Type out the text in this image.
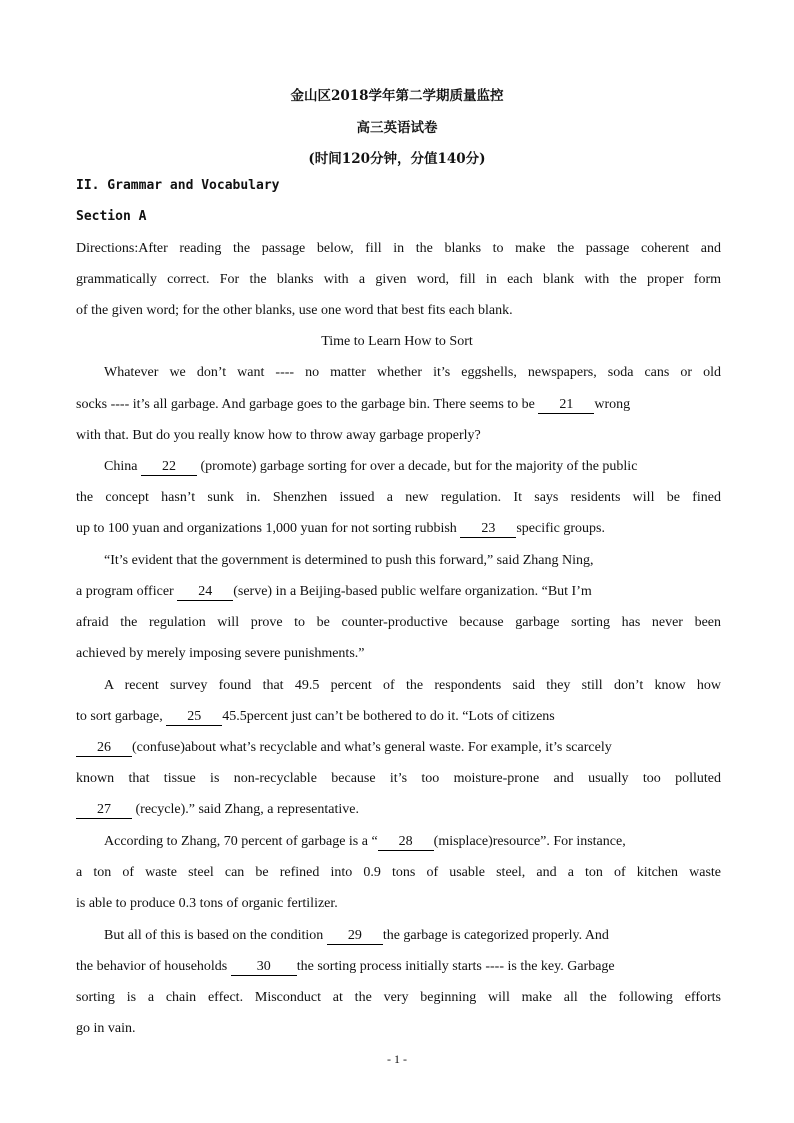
金山区2018学年第二学期质量监控
高三英语试卷
(时间120分钟，分值140分)
II. Grammar and Vocabulary
Section A
Directions:After reading the passage below, fill in the blanks to make the passage coherent and
grammatically correct. For the blanks with a given word, fill in each blank with the proper form
of the given word; for the other blanks, use one word that best fits each blank.
Time to Learn How to Sort
Whatever we don’t want ---- no matter whether it’s eggshells, newspapers, soda cans or old
socks ---- it’s all garbage. And garbage goes to the garbage bin. There seems to be 21 wrong
with that. But do you really know how to throw away garbage properly?
China 22 (promote) garbage sorting for over a decade, but for the majority of the public
the concept hasn’t sunk in. Shenzhen issued a new regulation. It says residents will be fined
up to 100 yuan and organizations 1,000 yuan for not sorting rubbish 23 specific groups.
“It’s evident that the government is determined to push this forward,” said Zhang Ning,
a program officer 24 (serve) in a Beijing-based public welfare organization. “But I’m
afraid the regulation will prove to be counter-productive because garbage sorting has never been
achieved by merely imposing severe punishments.”
A recent survey found that 49.5 percent of the respondents said they still don’t know how
to sort garbage, 25 45.5percent just can’t be bothered to do it. “Lots of citizens
26 (confuse)about what’s recyclable and what’s general waste. For example, it’s scarcely
known that tissue is non-recyclable because it’s too moisture-prone and usually too polluted
27 (recycle).” said Zhang, a representative.
According to Zhang, 70 percent of garbage is a “ 28 (misplace)resource”. For instance,
a ton of waste steel can be refined into 0.9 tons of usable steel, and a ton of kitchen waste
is able to produce 0.3 tons of organic fertilizer.
But all of this is based on the condition 29 the garbage is categorized properly. And
the behavior of households 30 the sorting process initially starts ---- is the key. Garbage
sorting is a chain effect. Misconduct at the very beginning will make all the following efforts
go in vain.
- 1 -
